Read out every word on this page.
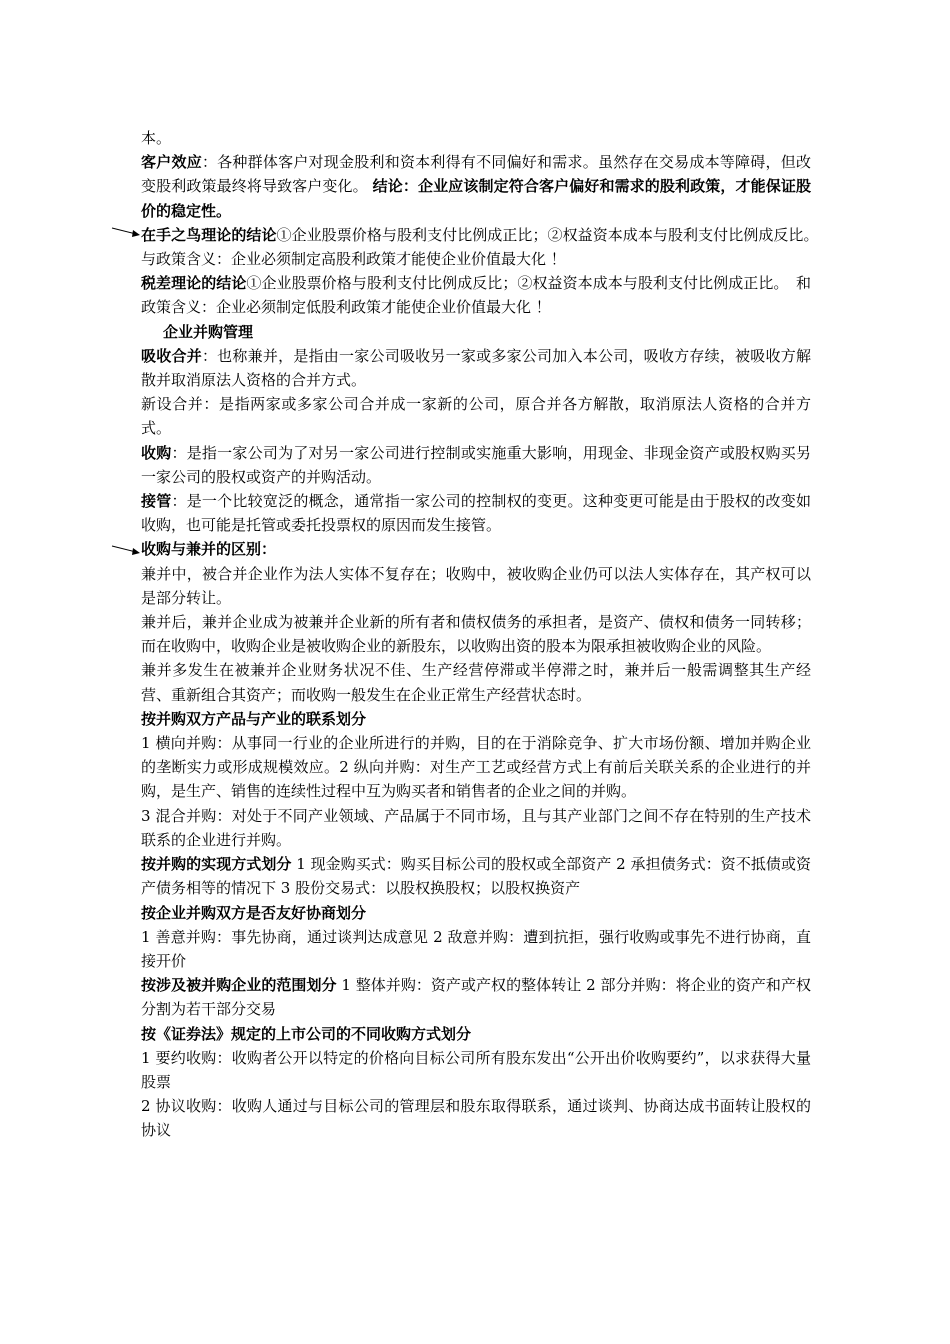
本。

客户效应：各种群体客户对现金股利和资本利得有不同偏好和需求。虽然存在交易成本等障碍，但改变股利政策最终将导致客户变化。 结论：企业应该制定符合客户偏好和需求的股利政策，才能保证股价的稳定性。

在手之鸟理论的结论①企业股票价格与股利支付比例成正比；②权益资本成本与股利支付比例成反比。　　　与政策含义：企业必须制定高股利政策才能使企业价值最大化 ！

税差理论的结论①企业股票价格与股利支付比例成反比；②权益资本成本与股利支付比例成正比。　和政策含义：企业必须制定低股利政策才能使企业价值最大化 ！

企业并购管理

吸收合并：也称兼并，是指由一家公司吸收另一家或多家公司加入本公司，吸收方存续，被吸收方解散并取消原法人资格的合并方式。

新设合并：是指两家或多家公司合并成一家新的公司，原合并各方解散，取消原法人资格的合并方式。

收购：是指一家公司为了对另一家公司进行控制或实施重大影响，用现金、非现金资产或股权购买另一家公司的股权或资产的并购活动。

接管：是一个比较宽泛的概念，通常指一家公司的控制权的变更。这种变更可能是由于股权的改变如收购，也可能是托管或委托投票权的原因而发生接管。

收购与兼并的区别：

兼并中，被合并企业作为法人实体不复存在；收购中，被收购企业仍可以法人实体存在，其产权可以是部分转让。

兼并后，兼并企业成为被兼并企业新的所有者和债权债务的承担者，是资产、债权和债务一同转移；而在收购中，收购企业是被收购企业的新股东，以收购出资的股本为限承担被收购企业的风险。

兼并多发生在被兼并企业财务状况不佳、生产经营停滞或半停滞之时，兼并后一般需调整其生产经营、重新组合其资产；而收购一般发生在企业正常生产经营状态时。

按并购双方产品与产业的联系划分

1 横向并购：从事同一行业的企业所进行的并购，目的在于消除竞争、扩大市场份额、增加并购企业的垄断实力或形成规模效应。2 纵向并购：对生产工艺或经营方式上有前后关联关系的企业进行的并购，是生产、销售的连续性过程中互为购买者和销售者的企业之间的并购。

3 混合并购：对处于不同产业领域、产品属于不同市场，且与其产业部门之间不存在特别的生产技术联系的企业进行并购。

按并购的实现方式划分 1 现金购买式：购买目标公司的股权或全部资产 2 承担债务式：资不抵债或资产债务相等的情况下 3 股份交易式：以股权换股权；以股权换资产

按企业并购双方是否友好协商划分

1 善意并购：事先协商，通过谈判达成意见 2 敌意并购：遭到抗拒，强行收购或事先不进行协商，直接开价

按涉及被并购企业的范围划分 1 整体并购：资产或产权的整体转让 2 部分并购：将企业的资产和产权分割为若干部分交易

按《证券法》规定的上市公司的不同收购方式划分

1 要约收购：收购者公开以特定的价格向目标公司所有股东发出“公开出价收购要约”，以求获得大量股票

2 协议收购：收购人通过与目标公司的管理层和股东取得联系，通过谈判、协商达成书面转让股权的协议
